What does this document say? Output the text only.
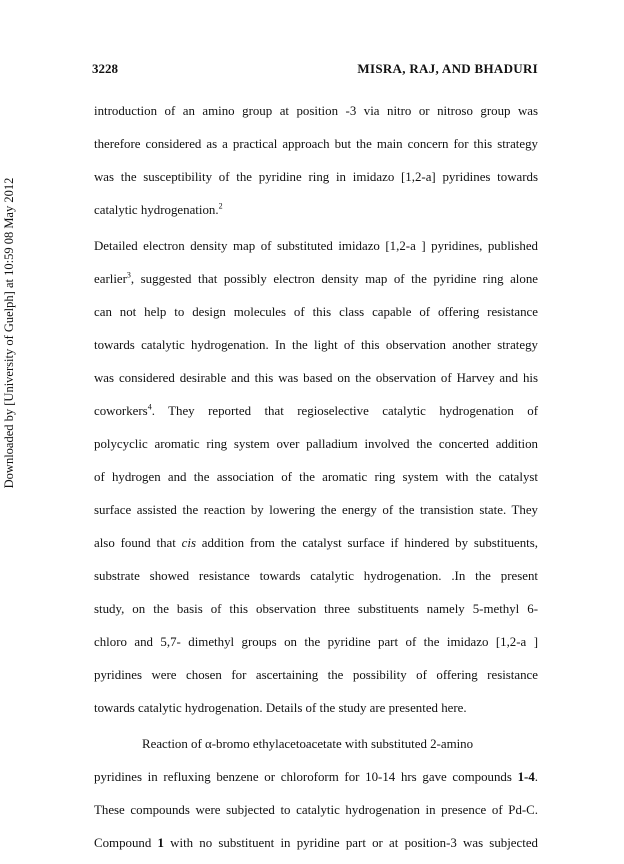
3228	MISRA, RAJ, AND BHADURI
Downloaded by [University of Guelph] at 10:59 08 May 2012
introduction of an amino group at position -3 via nitro or nitroso group was
therefore considered as a practical approach but the main concern for this strategy
was the susceptibility of the pyridine ring in imidazo [1,2-a] pyridines towards
catalytic hydrogenation.$^2$
Detailed electron density map of substituted imidazo [1,2-a ] pyridines, published
earlier$^3$, suggested that possibly electron density map of the pyridine ring alone
can not help to design molecules of this class capable of offering resistance
towards catalytic hydrogenation. In the light of this observation another strategy
was considered desirable and this was based on the observation of Harvey and his
coworkers$^4$. They reported that regioselective catalytic hydrogenation of
polycyclic aromatic ring system over palladium involved the concerted addition
of hydrogen and the association of the aromatic ring system with the catalyst
surface assisted the reaction by lowering the energy of the transistion state. They
also found that cis addition from the catalyst surface if hindered by substituents,
substrate showed resistance towards catalytic hydrogenation. .In the present
study, on the basis of this observation three substituents namely 5-methyl 6-
chloro and 5,7- dimethyl groups on the pyridine part of the imidazo [1,2-a ]
pyridines were chosen for ascertaining the possibility of offering resistance
towards catalytic hydrogenation. Details of the study are presented here.
Reaction of α-bromo ethylacetoacetate with substituted 2-amino
pyridines in refluxing benzene or chloroform for 10-14 hrs gave compounds 1-4.
These compounds were subjected to catalytic hydrogenation in presence of Pd-C.
Compound 1 with no substituent in pyridine part or at position-3 was subjected
